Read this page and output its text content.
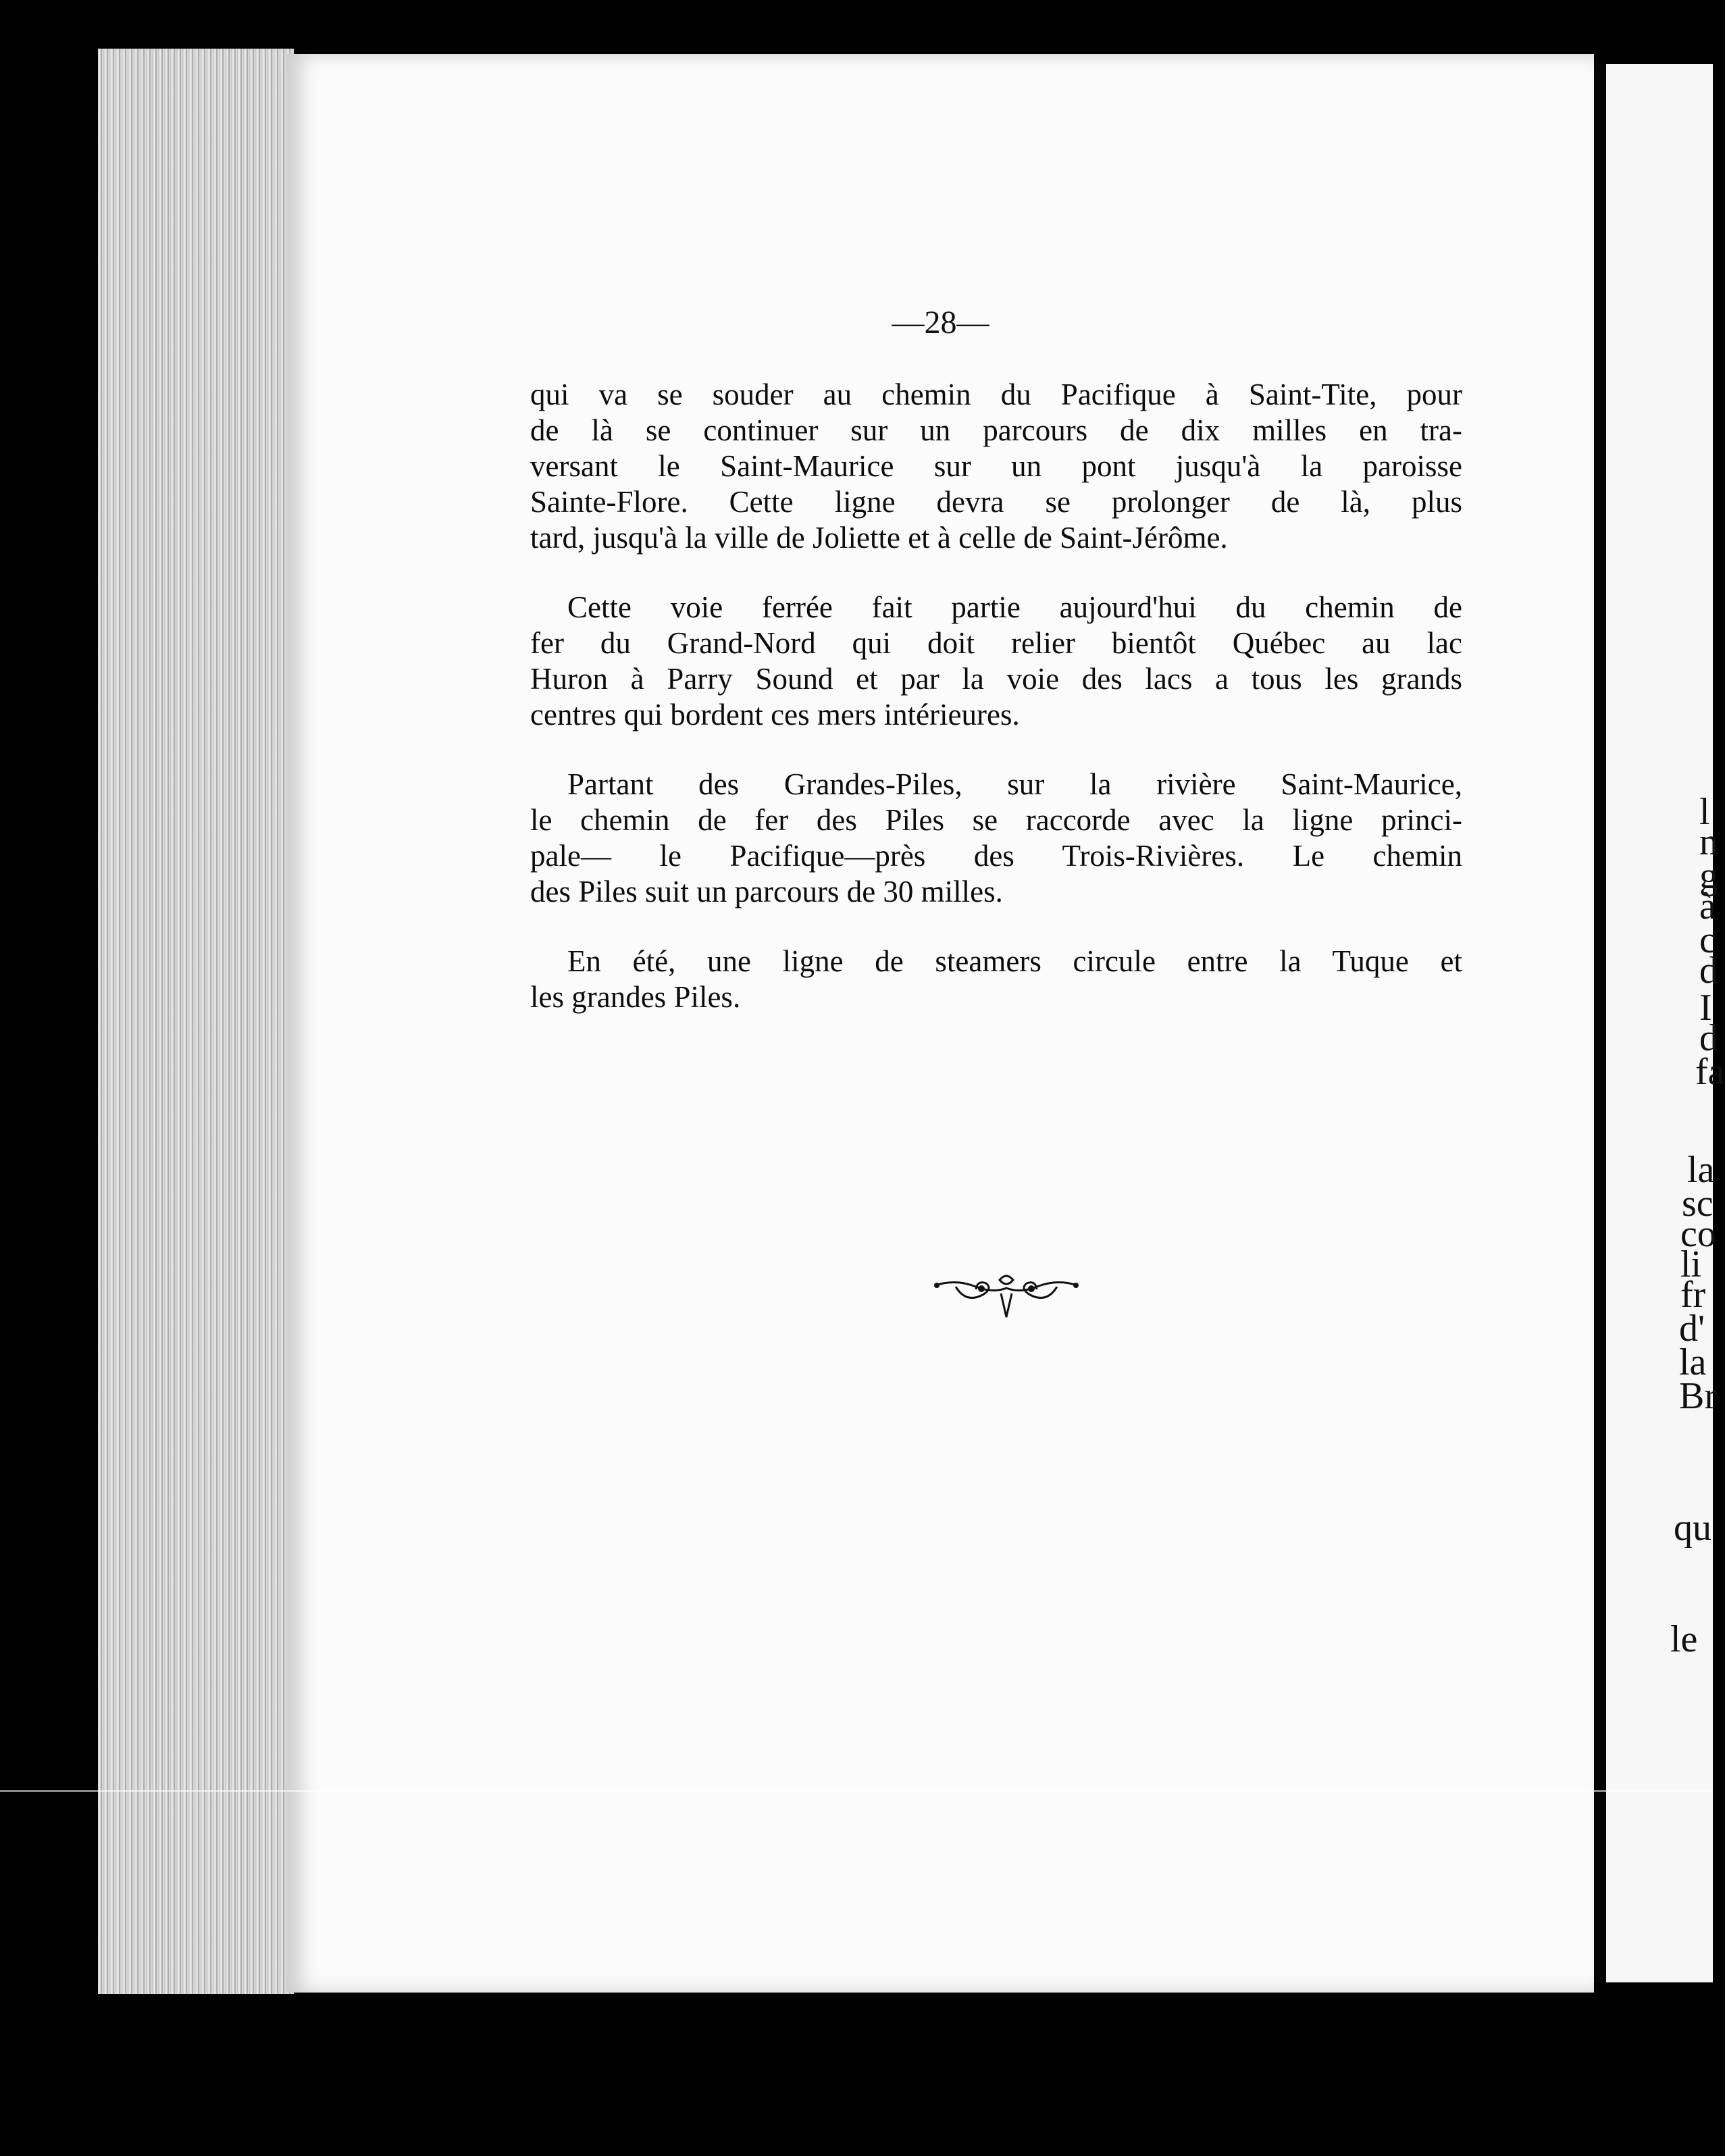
—28—
qui va se souder au chemin du Pacifique à Saint-Tite, pour
de là se continuer sur un parcours de dix milles en tra-
versant le Saint-Maurice sur un pont jusqu'à la paroisse
Sainte-Flore. Cette ligne devra se prolonger de là, plus
tard, jusqu'à la ville de Joliette et à celle de Saint-Jérôme.
Cette voie ferrée fait partie aujourd'hui du chemin de
fer du Grand-Nord qui doit relier bientôt Québec au lac
Huron à Parry Sound et par la voie des lacs a tous les grands
centres qui bordent ces mers intérieures.
Partant des Grandes-Piles, sur la rivière Saint-Maurice,
le chemin de fer des Piles se raccorde avec la ligne princi-
pale— le Pacifique—près des Trois-Rivières. Le chemin
des Piles suit un parcours de 30 milles.
En été, une ligne de steamers circule entre la Tuque et
les grandes Piles.
l
n
g
à
c
d
I
d
fa
la
sc
co
li
fr
d'
la
Br
qu
le
